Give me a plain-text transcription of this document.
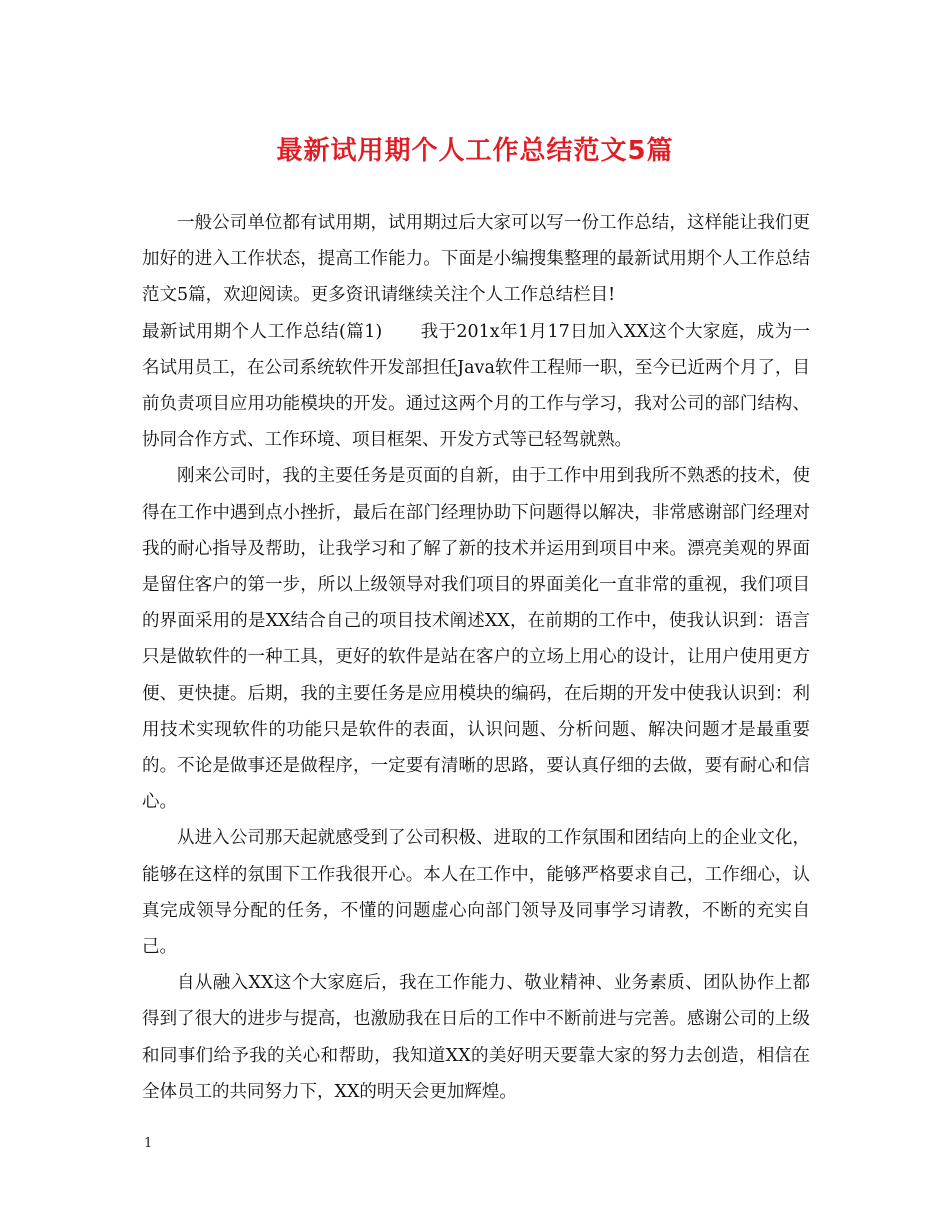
最新试用期个人工作总结范文5篇

一般公司单位都有试用期，试用期过后大家可以写一份工作总结，这样能让我们更加好的进入工作状态，提高工作能力。下面是小编搜集整理的最新试用期个人工作总结范文5篇，欢迎阅读。更多资讯请继续关注个人工作总结栏目!

最新试用期个人工作总结(篇1) 我于201x年1月17日加入XX这个大家庭，成为一名试用员工，在公司系统软件开发部担任Java软件工程师一职，至今已近两个月了，目前负责项目应用功能模块的开发。通过这两个月的工作与学习，我对公司的部门结构、协同合作方式、工作环境、项目框架、开发方式等已轻驾就熟。

刚来公司时，我的主要任务是页面的自新，由于工作中用到我所不熟悉的技术，使得在工作中遇到点小挫折，最后在部门经理协助下问题得以解决，非常感谢部门经理对我的耐心指导及帮助，让我学习和了解了新的技术并运用到项目中来。漂亮美观的界面是留住客户的第一步，所以上级领导对我们项目的界面美化一直非常的重视，我们项目的界面采用的是XX结合自己的项目技术阐述XX，在前期的工作中，使我认识到：语言只是做软件的一种工具，更好的软件是站在客户的立场上用心的设计，让用户使用更方便、更快捷。后期，我的主要任务是应用模块的编码，在后期的开发中使我认识到：利用技术实现软件的功能只是软件的表面，认识问题、分析问题、解决问题才是最重要的。不论是做事还是做程序，一定要有清晰的思路，要认真仔细的去做，要有耐心和信心。

从进入公司那天起就感受到了公司积极、进取的工作氛围和团结向上的企业文化，能够在这样的氛围下工作我很开心。本人在工作中，能够严格要求自己，工作细心，认真完成领导分配的任务，不懂的问题虚心向部门领导及同事学习请教，不断的充实自己。

自从融入XX这个大家庭后，我在工作能力、敬业精神、业务素质、团队协作上都得到了很大的进步与提高，也激励我在日后的工作中不断前进与完善。感谢公司的上级和同事们给予我的关心和帮助，我知道XX的美好明天要靠大家的努力去创造，相信在全体员工的共同努力下，XX的明天会更加辉煌。

1
